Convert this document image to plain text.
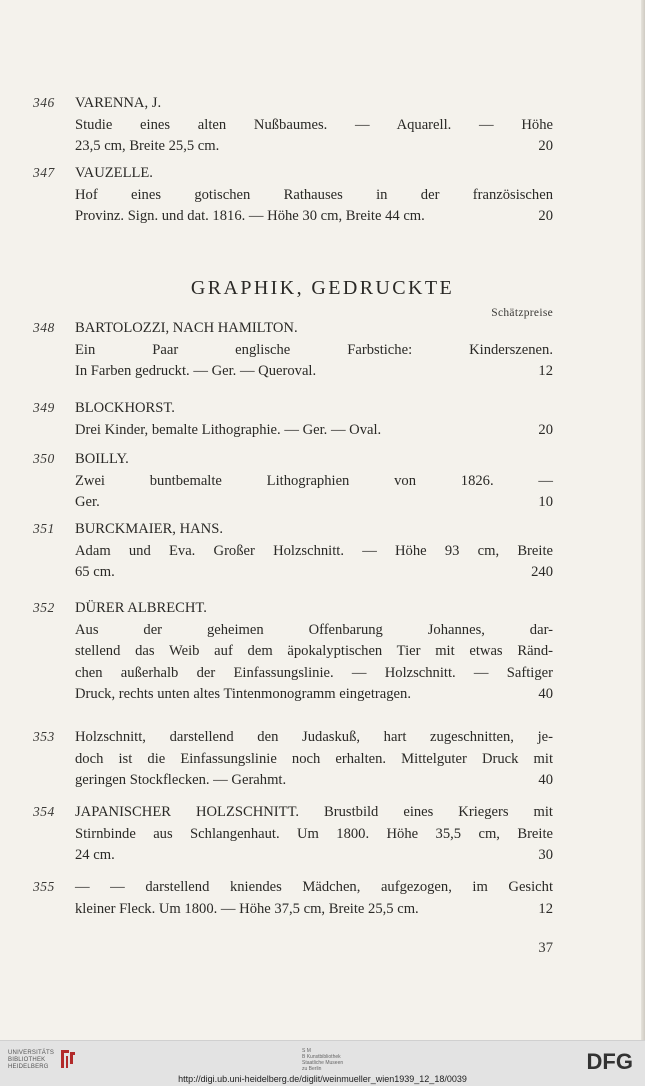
346 VARENNA, J.
Studie eines alten Nußbaumes. — Aquarell. — Höhe
23,5 cm, Breite 25,5 cm.	20
347 VAUZELLE.
Hof eines gotischen Rathauses in der französischen
Provinz. Sign. und dat. 1816. — Höhe 30 cm, Breite 44 cm.	20
348 BARTOLOZZI, NACH HAMILTON.
Ein Paar englische Farbstiche: Kinderszenen.
In Farben gedruckt. — Ger. — Queroval.	12
349 BLOCKHORST.
Drei Kinder, bemalte Lithographie. — Ger. — Oval.	20
350 BOILLY.
Zwei buntbemalte Lithographien von 1826. —
Ger.	10
351 BURCKMAIER, HANS.
Adam und Eva. Großer Holzschnitt. — Höhe 93 cm, Breite
65 cm.	240
352 DÜRER ALBRECHT.
Aus der geheimen Offenbarung Johannes, dar-
stellend das Weib auf dem äpokalyptischen Tier mit etwas Ränd-
chen außerhalb der Einfassungslinie. — Holzschnitt. — Saftiger
Druck, rechts unten altes Tintenmonogramm eingetragen.	40
353 Holzschnitt, darstellend den Judaskuß, hart zugeschnitten, je-
doch ist die Einfassungslinie noch erhalten. Mittelguter Druck mit
geringen Stockflecken. — Gerahmt.	40
354 JAPANISCHER HOLZSCHNITT. Brustbild eines Kriegers mit
Stirnbinde aus Schlangenhaut. Um 1800. Höhe 35,5 cm, Breite
24 cm.	30
355 — — darstellend kniendes Mädchen, aufgezogen, im Gesicht
kleiner Fleck. Um 1800. — Höhe 37,5 cm, Breite 25,5 cm.	12
GRAPHIK, GEDRUCKTE
Schätzpreise
37
UNIVERSITÄTS
BIBLIOTHEK
HEIDELBERG
S M
B Kunstbibliothek
Staatliche Museen
zu Berlin	DFG
http://digi.ub.uni-heidelberg.de/diglit/weinmueller_wien1939_12_18/0039
